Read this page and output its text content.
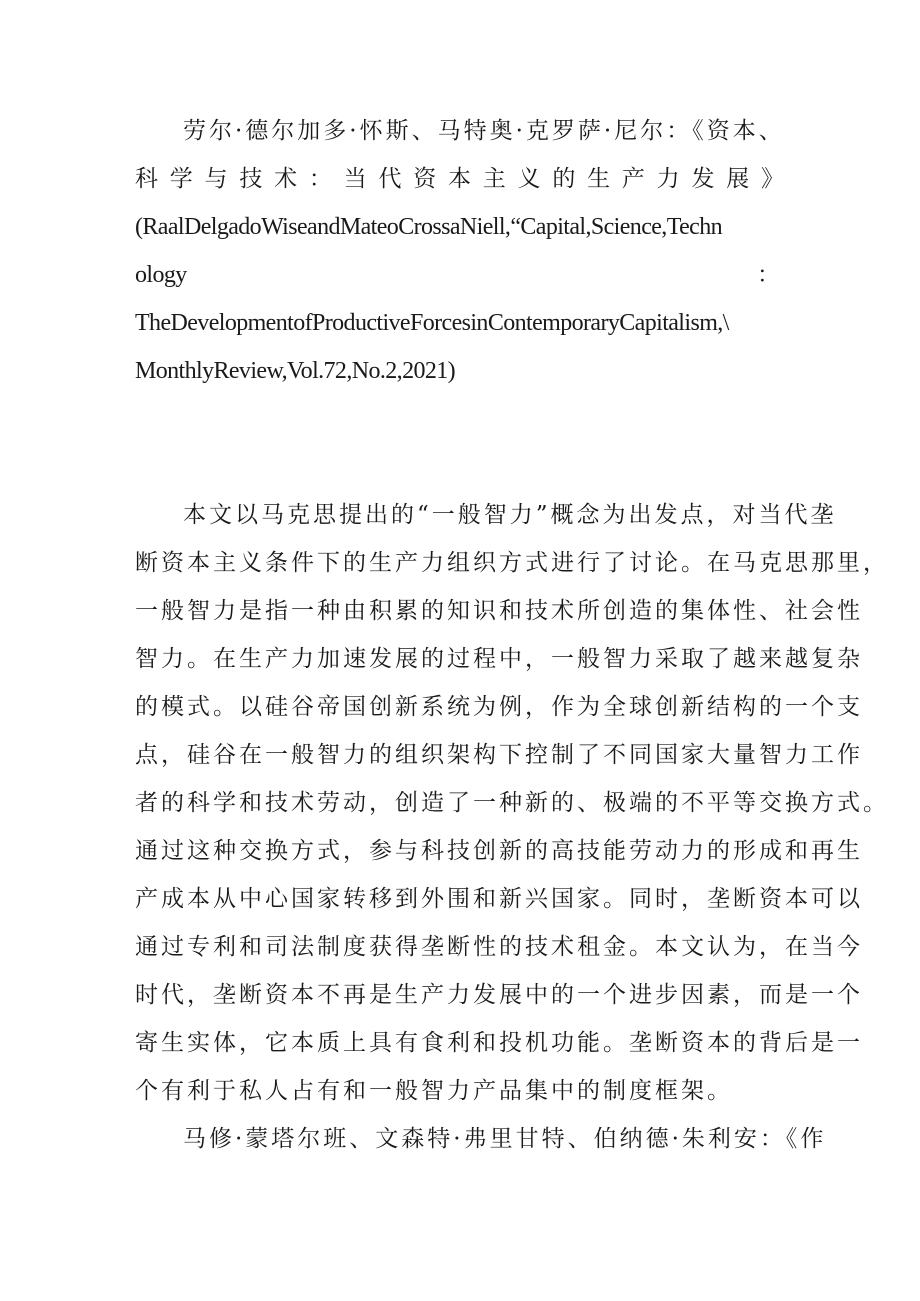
劳尔·德尔加多·怀斯、马特奥·克罗萨·尼尔：《资本、
科学与技术：当代资本主义的生产力发展》
(RaalDelgadoWiseandMateoCrossaNiell,“Capital,Science,Techn
ology	：
TheDevelopmentofProductiveForcesinContemporaryCapitalism,\
MonthlyReview,Vol.72,No.2,2021)
本文以马克思提出的“一般智力”概念为出发点，对当代垄
断资本主义条件下的生产力组织方式进行了讨论。在马克思那里，
一般智力是指一种由积累的知识和技术所创造的集体性、社会性
智力。在生产力加速发展的过程中，一般智力采取了越来越复杂
的模式。以硅谷帝国创新系统为例，作为全球创新结构的一个支
点，硅谷在一般智力的组织架构下控制了不同国家大量智力工作
者的科学和技术劳动，创造了一种新的、极端的不平等交换方式。
通过这种交换方式，参与科技创新的高技能劳动力的形成和再生
产成本从中心国家转移到外围和新兴国家。同时，垄断资本可以
通过专利和司法制度获得垄断性的技术租金。本文认为，在当今
时代，垄断资本不再是生产力发展中的一个进步因素，而是一个
寄生实体，它本质上具有食利和投机功能。垄断资本的背后是一
个有利于私人占有和一般智力产品集中的制度框架。
马修·蒙塔尔班、文森特·弗里甘特、伯纳德·朱利安：《作
